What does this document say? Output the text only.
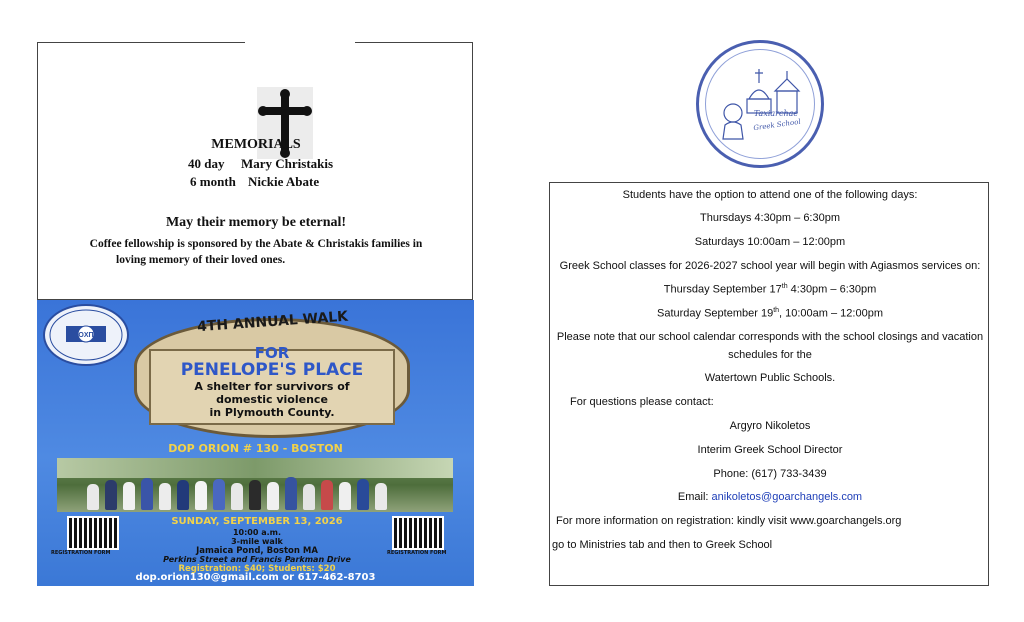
MEMORIALS
40 day Mary Christakis
6 month Nickie Abate
May their memory be eternal!
Coffee fellowship is sponsored by the Abate & Christakis families in
loving memory of their loved ones.
ΟΧΠ
4TH ANNUAL WALK
FOR
PENELOPE'S PLACE
A shelter for survivors of
domestic violence
in Plymouth County.
DOP ORION # 130 - BOSTON
REGISTRATION FORM	REGISTRATION FORM
SUNDAY, SEPTEMBER 13, 2026
10:00 a.m.
3-mile walk
Jamaica Pond, Boston MA
Perkins Street and Francis Parkman Drive
Registration: $40; Students: $20
dop.orion130@gmail.com or 617-462-8703
Taxiarchae
Greek School
Students have the option to attend one of the following days:
Thursdays 4:30pm – 6:30pm
Saturdays 10:00am – 12:00pm
Greek School classes for 2026-2027 school year will begin with Agiasmos services on:
Thursday September 17th 4:30pm – 6:30pm
Saturday September 19th, 10:00am – 12:00pm
Please note that our school calendar corresponds with the school closings and vacation
schedules for the
Watertown Public Schools.
For questions please contact:
Argyro Nikoletos
Interim Greek School Director
Phone: (617) 733-3439
Email: anikoletos@goarchangels.com
For more information on registration: kindly visit www.goarchangels.org
go to Ministries tab and then to Greek School
